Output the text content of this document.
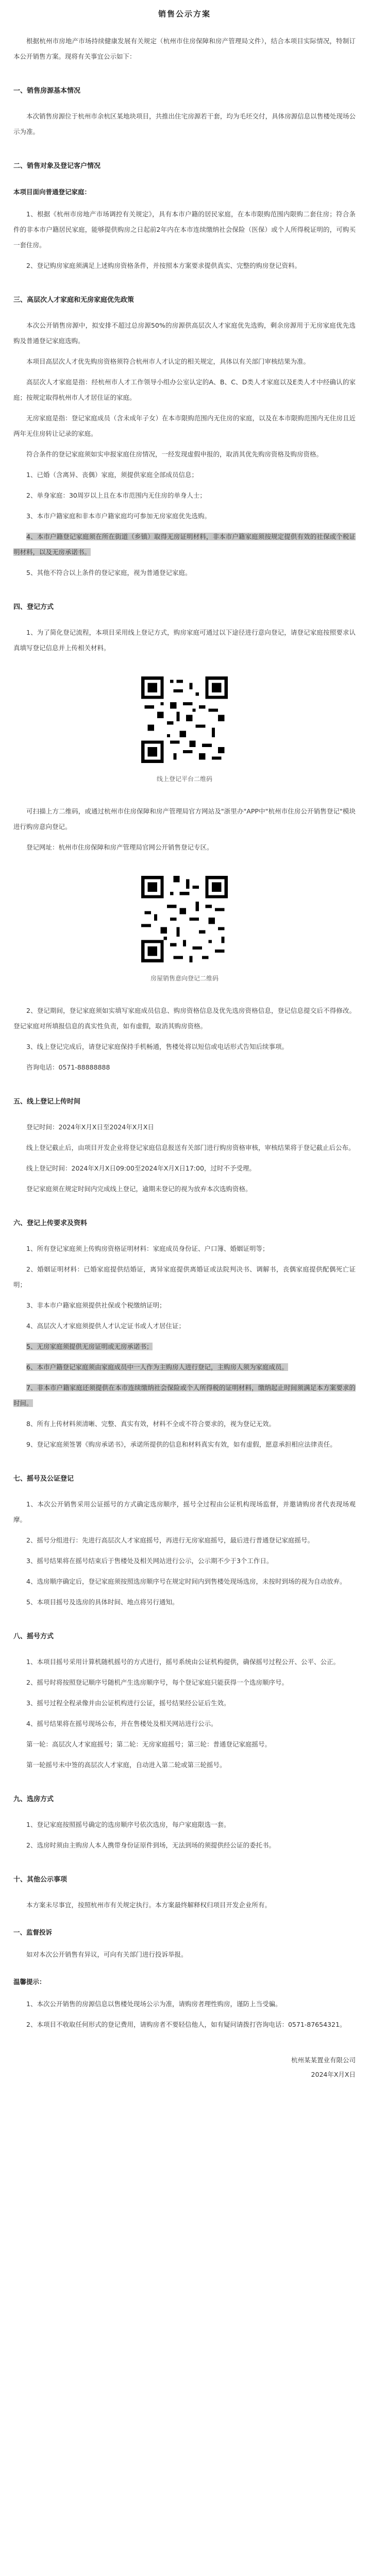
销售公示方案

根据杭州市房地产市场持续健康发展有关规定（杭州市住房保障和房产管理局文件），结合本项目实际情况，特制订本公开销售方案。现将有关事宜公示如下：

一、销售房源基本情况

本次销售房源位于杭州市余杭区某地块项目，共推出住宅房源若干套，均为毛坯交付，具体房源信息以售楼处现场公示为准。

二、销售对象及登记客户情况
本项目面向普通登记家庭：

1、根据《杭州市房地产市场调控有关规定》，具有本市户籍的居民家庭，在本市限购范围内限购二套住房；符合条件的非本市户籍居民家庭，能够提供购房之日起前2年内在本市连续缴纳社会保险（医保）或个人所得税证明的，可购买一套住房。

2、登记购房家庭须满足上述购房资格条件，并按照本方案要求提供真实、完整的购房登记资料。

三、高层次人才家庭和无房家庭优先政策

本次公开销售房源中，拟安排不超过总房源50%的房源供高层次人才家庭优先选购，剩余房源用于无房家庭优先选购及普通登记家庭选购。

本项目高层次人才优先购房资格须符合杭州市人才认定的相关规定，具体以有关部门审核结果为准。

高层次人才家庭是指：经杭州市人才工作领导小组办公室认定的A、B、C、D类人才家庭以及E类人才中经确认的家庭；按规定取得杭州市人才居住证的家庭。

无房家庭是指：登记家庭成员（含未成年子女）在本市限购范围内无住房的家庭，以及在本市限购范围内无住房且近两年无住房转让记录的家庭。

符合条件的登记家庭须如实申报家庭住房情况，一经发现虚假申报的，取消其优先购房资格及购房资格。

1、已婚（含离异、丧偶）家庭，须提供家庭全部成员信息；

2、单身家庭：30周岁以上且在本市范围内无住房的单身人士；

3、本市户籍家庭和非本市户籍家庭均可参加无房家庭优先选购。

4、本市户籍登记家庭须在所在街道（乡镇）取得无房证明材料，非本市户籍家庭须按规定提供有效的社保或个税证明材料，以及无房承诺书。

5、其他不符合以上条件的登记家庭，视为普通登记家庭。

四、登记方式

1、为了简化登记流程，本项目采用线上登记方式，购房家庭可通过以下途径进行意向登记，请登记家庭按照要求认真填写登记信息并上传相关材料。

线上登记平台二维码

可扫描上方二维码，或通过杭州市住房保障和房产管理局官方网站及"浙里办"APP中"杭州市住房公开销售登记"模块进行购房意向登记。

登记网址：杭州市住房保障和房产管理局官网公开销售登记专区。

房屋销售意向登记二维码

2、登记期间，登记家庭须如实填写家庭成员信息、购房资格信息及优先选房资格信息，登记信息提交后不得修改。登记家庭对所填报信息的真实性负责，如有虚假，取消其购房资格。

3、线上登记完成后，请登记家庭保持手机畅通，售楼处将以短信或电话形式告知后续事项。

咨询电话：0571-88888888

五、线上登记上传时间

登记时间：2024年X月X日至2024年X月X日

线上登记截止后，由项目开发企业将登记家庭信息报送有关部门进行购房资格审核，审核结果将于登记截止后公布。

线上登记时间：2024年X月X日09:00至2024年X月X日17:00，过时不予受理。

登记家庭须在规定时间内完成线上登记，逾期未登记的视为放弃本次选购资格。

六、登记上传要求及资料

1、所有登记家庭须上传购房资格证明材料：家庭成员身份证、户口簿、婚姻证明等；

2、婚姻证明材料：已婚家庭提供结婚证，离异家庭提供离婚证或法院判决书、调解书，丧偶家庭提供配偶死亡证明；

3、非本市户籍家庭须提供社保或个税缴纳证明；

4、高层次人才家庭须提供人才认定证书或人才居住证；

5、无房家庭须提供无房证明或无房承诺书；

6、本市户籍登记家庭须由家庭成员中一人作为主购房人进行登记，主购房人须为家庭成员。

7、非本市户籍家庭还须提供在本市连续缴纳社会保险或个人所得税的证明材料，缴纳起止时间须满足本方案要求的时间。

8、所有上传材料须清晰、完整、真实有效，材料不全或不符合要求的，视为登记无效。

9、登记家庭须签署《购房承诺书》，承诺所提供的信息和材料真实有效，如有虚假，愿意承担相应法律责任。

七、摇号及公证登记

1、本次公开销售采用公证摇号的方式确定选房顺序，摇号全过程由公证机构现场监督，并邀请购房者代表现场观摩。

2、摇号分组进行：先进行高层次人才家庭摇号，再进行无房家庭摇号，最后进行普通登记家庭摇号。

3、摇号结果将在摇号结束后于售楼处及相关网站进行公示，公示期不少于3个工作日。

4、选房顺序确定后，登记家庭须按照选房顺序号在规定时间内到售楼处现场选房，未按时到场的视为自动放弃。

5、本项目摇号及选房的具体时间、地点将另行通知。

八、摇号方式

1、本项目摇号采用计算机随机摇号的方式进行，摇号系统由公证机构提供，确保摇号过程公开、公平、公正。

2、摇号时将按照登记顺序号随机产生选房顺序号，每个登记家庭只能获得一个选房顺序号。

3、摇号过程全程录像并由公证机构进行公证，摇号结果经公证后生效。

4、摇号结果将在摇号现场公布，并在售楼处及相关网站进行公示。

第一轮：高层次人才家庭摇号；第二轮：无房家庭摇号；第三轮：普通登记家庭摇号。

第一轮摇号未中签的高层次人才家庭，自动进入第二轮或第三轮摇号。

九、选房方式

1、登记家庭按照摇号确定的选房顺序号依次选房，每户家庭限选一套。

2、选房时须由主购房人本人携带身份证原件到场，无法到场的须提供经公证的委托书。

十、其他公示事项

本方案未尽事宜，按照杭州市有关规定执行。本方案最终解释权归项目开发企业所有。

一、监督投诉

如对本次公开销售有异议，可向有关部门进行投诉举报。

温馨提示：

1、本次公开销售的房源信息以售楼处现场公示为准，请购房者理性购房，谨防上当受骗。

2、本项目不收取任何形式的登记费用，请购房者不要轻信他人，如有疑问请拨打咨询电话：0571-87654321。

杭州某某置业有限公司
2024年X月X日
